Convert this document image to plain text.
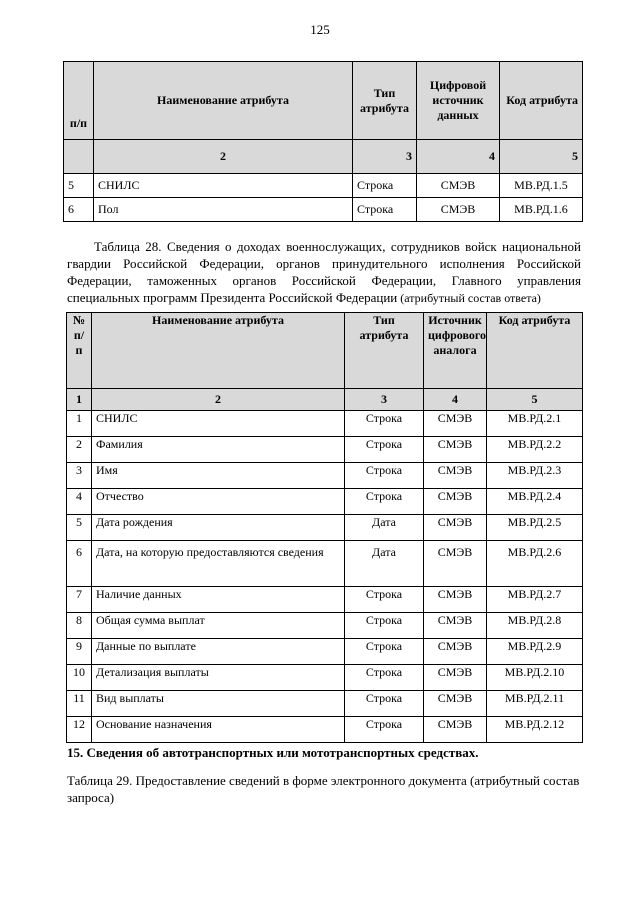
125
п/п	Наименование атрибута	Тип атрибута	Цифровой источник данных	Код атрибута
	2	3	4	5
5	СНИЛС	Строка	СМЭВ	МВ.РД.1.5
6	Пол	Строка	СМЭВ	МВ.РД.1.6
Таблица 28. Сведения о доходах военнослужащих, сотрудников войск национальной гвардии Российской Федерации, органов принудительного исполнения Российской Федерации, таможенных органов Российской Федерации, Главного управления специальных программ Президента Российской Федерации (атрибутный состав ответа)
№ п/п	Наименование атрибута	Тип атрибута	Источник цифрового аналога	Код атрибута
1	2	3	4	5
1	СНИЛС	Строка	СМЭВ	МВ.РД.2.1
2	Фамилия	Строка	СМЭВ	МВ.РД.2.2
3	Имя	Строка	СМЭВ	МВ.РД.2.3
4	Отчество	Строка	СМЭВ	МВ.РД.2.4
5	Дата рождения	Дата	СМЭВ	МВ.РД.2.5
6	Дата, на которую предоставляются сведения	Дата	СМЭВ	МВ.РД.2.6
7	Наличие данных	Строка	СМЭВ	МВ.РД.2.7
8	Общая сумма выплат	Строка	СМЭВ	МВ.РД.2.8
9	Данные по выплате	Строка	СМЭВ	МВ.РД.2.9
10	Детализация выплаты	Строка	СМЭВ	МВ.РД.2.10
11	Вид выплаты	Строка	СМЭВ	МВ.РД.2.11
12	Основание назначения	Строка	СМЭВ	МВ.РД.2.12
15. Сведения об автотранспортных или мототранспортных средствах.
Таблица 29. Предоставление сведений в форме электронного документа (атрибутный состав запроса)
